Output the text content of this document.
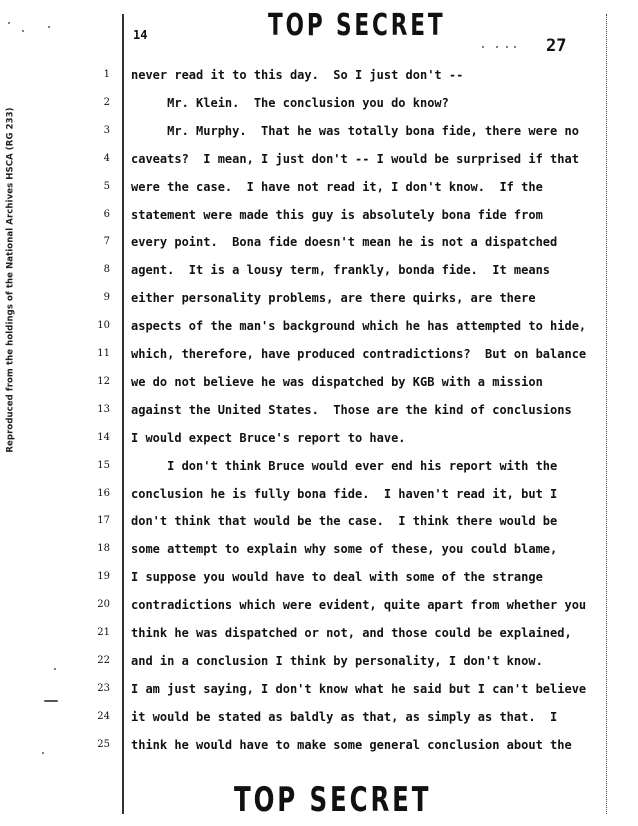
Reproduced from the holdings of the National Archives HSCA (RG 233)
14	TOP SECRET
27
1
2
3
4
5
6
7
8
9
10
11
12
13
14
15
16
17
18
19
20
21
22
23
24
25
never read it to this day.  So I just don't --
Mr. Klein.  The conclusion you do know?
Mr. Murphy.  That he was totally bona fide, there were no
caveats?  I mean, I just don't -- I would be surprised if that
were the case.  I have not read it, I don't know.  If the
statement were made this guy is absolutely bona fide from
every point.  Bona fide doesn't mean he is not a dispatched
agent.  It is a lousy term, frankly, bonda fide.  It means
either personality problems, are there quirks, are there
aspects of the man's background which he has attempted to hide,
which, therefore, have produced contradictions?  But on balance
we do not believe he was dispatched by KGB with a mission
against the United States.  Those are the kind of conclusions
I would expect Bruce's report to have.
I don't think Bruce would ever end his report with the
conclusion he is fully bona fide.  I haven't read it, but I
don't think that would be the case.  I think there would be
some attempt to explain why some of these, you could blame,
I suppose you would have to deal with some of the strange
contradictions which were evident, quite apart from whether you
think he was dispatched or not, and those could be explained,
and in a conclusion I think by personality, I don't know.
I am just saying, I don't know what he said but I can't believe
it would be stated as baldly as that, as simply as that.  I
think he would have to make some general conclusion about the
TOP SECRET
